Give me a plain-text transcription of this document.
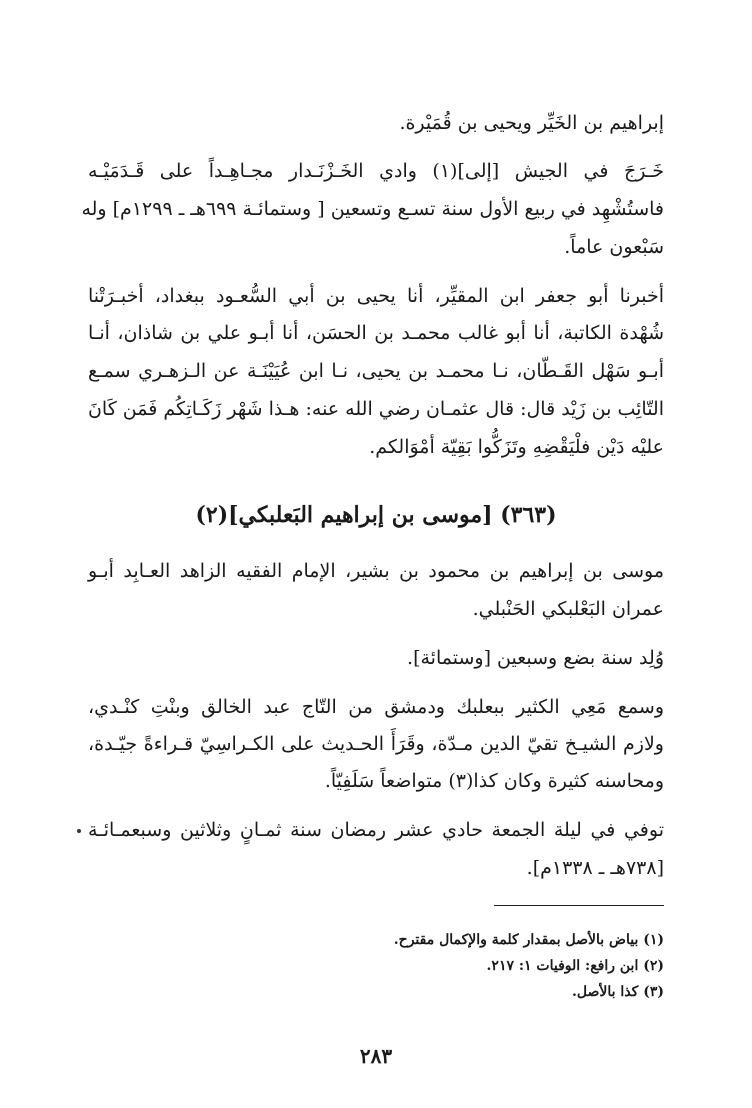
إبراهيم بن الخَيِّر ويحيى بن قُمَيْرة.
خَـرَجَ في الجيش [إلى](١) وادي الخَـزْنَـدار مجـاهِـداً على قَـدَمَيْـه
فاستُشْهِد في ربيع الأول سنة تسـع وتسعين [ وستمائـة ٦٩٩هـ ـ ١٢٩٩م] وله
سَبْعون عاماً.
أخبرنا أبو جعفر ابن المقيِّر، أنا يحيى بن أبي السُّعـود ببغداد، أخبـرَتْنا
شُهْدة الكاتبة، أنا أبو غالب محمـد بن الحسَن، أنا أبـو علي بن شاذان، أنـا
أبـو سَهْل القَـطّان، نـا محمـد بن يحيى، نـا ابن عُيَيْنَـة عن الـزهـري سمـع
التّائِب بن زَيْد قال: قال عثمـان رضي الله عنه: هـذا شَهْر زَكَـاتِكُم فَمَن كَانَ
عليْه دَيْن فلْيَقْضِهِ وتَزَكُّوا بَقِيّة أمْوَالكم.
(٣٦٣) [موسى بن إبراهيم البَعلبكي](٢)
موسى بن إبراهيم بن محمود بن بشير، الإمام الفقيه الزاهد العـابِد أبـو
عمران البَعْلبكي الحَنْبلي.
وُلِد سنة بضع وسبعين [وستمائة].
وسمع مَعِي الكثير ببعلبك ودمشق من التّاج عبد الخالق وبنْتِ كنْـدي،
ولازم الشيـخ تقيّ الدين مـدّة، وقَرَأَ الحـديث على الكـراسِيّ قـراءةً جيّـدة،
ومحاسنه كثيرة وكان كذا(٣) متواضعاً سَلَفِيّاً.
توفي في ليلة الجمعة حادي عشر رمضان سنة ثمـانٍ وثلاثين وسبعمـائـة
[٧٣٨هـ ـ ١٣٣٨م].
(١) بياض بالأصل بمقدار كلمة والإكمال مقترح.
(٢) ابن رافع: الوفيات ١: ٢١٧.
(٣) كذا بالأصل.
٢٨٣
